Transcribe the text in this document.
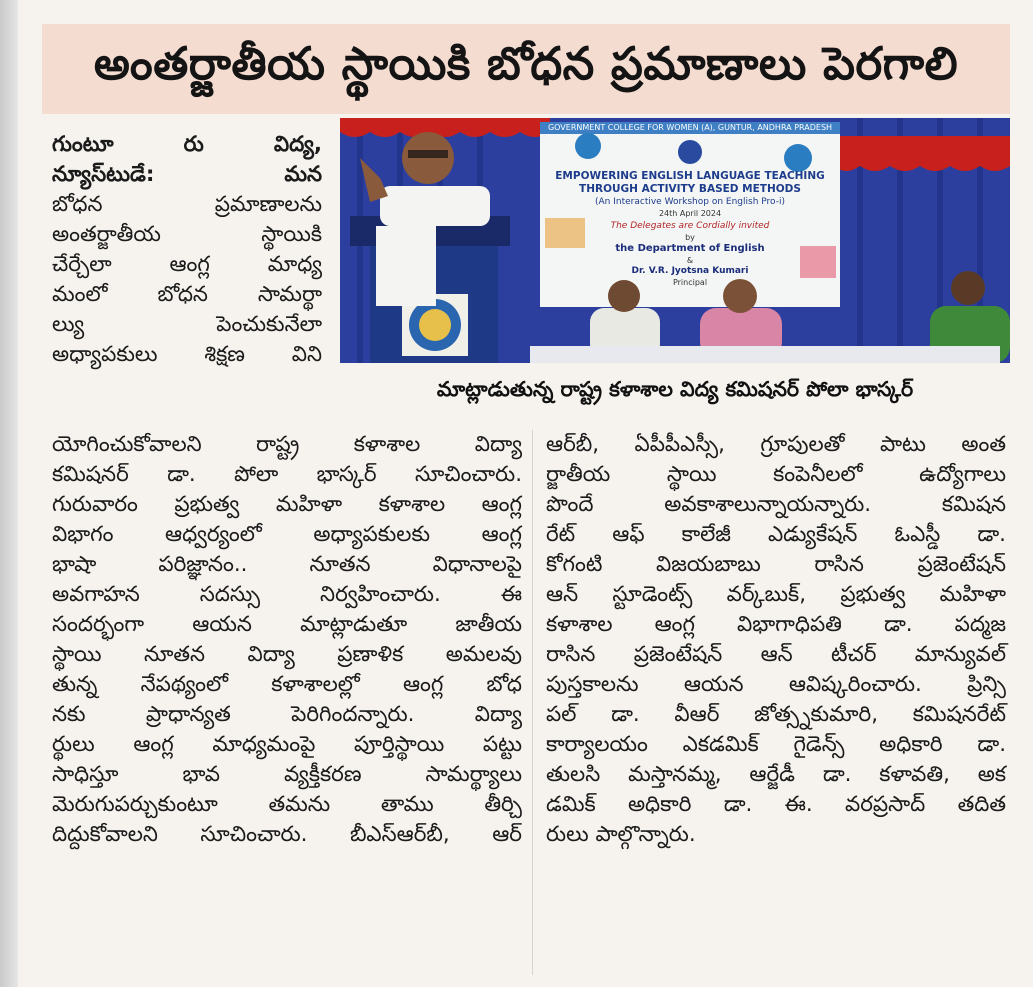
అంతర్జాతీయ స్థాయికి బోధన ప్రమాణాలు పెరగాలి

గుంటూ రు విద్య,

న్యూస్‌టుడే: మన

బోధన ప్రమాణాలను

అంతర్జాతీయ స్థాయికి

చేర్చేలా ఆంగ్ల మాధ్య

మంలో బోధన సామర్థా

ల్యు పెంచుకునేలా

అధ్యాపకులు శిక్షణ విని

GOVERNMENT COLLEGE FOR WOMEN (A), GUNTUR, ANDHRA PRADESH
EMPOWERING ENGLISH LANGUAGE TEACHING
THROUGH ACTIVITY BASED METHODS
(An Interactive Workshop on English Pro-i)
24th April 2024
The Delegates are Cordially invited
by
the Department of English
&
Dr. V.R. Jyotsna Kumari
Principal
మాట్లాడుతున్న రాష్ట్ర కళాశాల విద్య కమిషనర్ పోలా భాస్కర్

యోగించుకోవాలని రాష్ట్ర కళాశాల విద్యా

కమిషనర్ డా. పోలా భాస్కర్ సూచించారు.

గురువారం ప్రభుత్వ మహిళా కళాశాల ఆంగ్ల

విభాగం ఆధ్వర్యంలో అధ్యాపకులకు ఆంగ్ల

భాషా పరిజ్ఞానం.. నూతన విధానాలపై

అవగాహన సదస్సు నిర్వహించారు. ఈ

సందర్భంగా ఆయన మాట్లాడుతూ జాతీయ

స్థాయి నూతన విద్యా ప్రణాళిక అమలవు

తున్న నేపథ్యంలో కళాశాలల్లో ఆంగ్ల బోధ

నకు ప్రాధాన్యత పెరిగిందన్నారు. విద్యా

ర్థులు ఆంగ్ల మాధ్యమంపై పూర్తిస్థాయి పట్టు

సాధిస్తూ భావ వ్యక్తీకరణ సామర్థ్యాలు

మెరుగుపర్చుకుంటూ తమను తాము తీర్చి

దిద్దుకోవాలని సూచించారు. బీఎస్ఆర్‌బీ, ఆర్

ఆర్‌బీ, ఏపీపీఎస్సీ, గ్రూపులతో పాటు అంత

ర్జాతీయ స్థాయి కంపెనీలలో ఉద్యోగాలు

పొందే అవకాశాలున్నాయన్నారు. కమిషన

రేట్ ఆఫ్ కాలేజీ ఎడ్యుకేషన్ ఓఎస్డీ డా.

కోగంటి విజయబాబు రాసిన ప్రజెంటేషన్

ఆన్ స్టూడెంట్స్ వర్క్‌బుక్, ప్రభుత్వ మహిళా

కళాశాల ఆంగ్ల విభాగాధిపతి డా. పద్మజ

రాసిన ప్రజెంటేషన్ ఆన్ టీచర్ మాన్యువల్

పుస్తకాలను ఆయన ఆవిష్కరించారు. ప్రిన్సి

పల్ డా. వీఆర్ జోత్స్నకుమారి, కమిషనరేట్

కార్యాలయం ఎకడమిక్ గైడెన్స్ అధికారి డా.

తులసి మస్తానమ్మ, ఆర్జేడీ డా. కళావతి, అక

డమిక్ అధికారి డా. ఈ. వరప్రసాద్ తదిత

రులు పాల్గొన్నారు.
